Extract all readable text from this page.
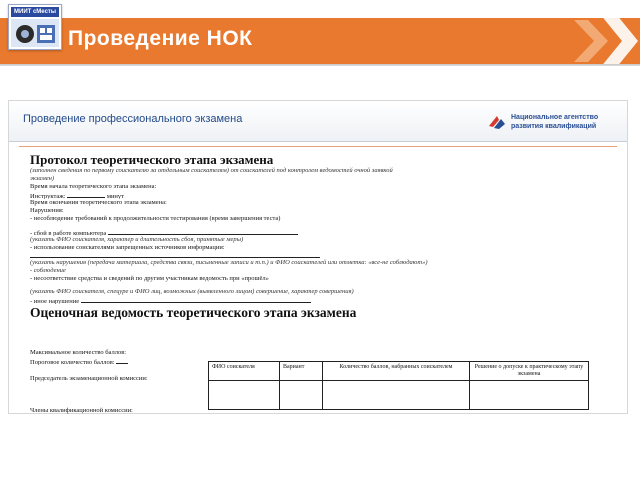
Проведение НОК
МИИТ сМесты
Проведение профессионального экзамена	Национальное агентство
развития квалификаций
Протокол теоретического этапа экзамена
(заполнен сведения по первому соискателю за отдельным соискателям) от соискателей под контролем ведомостей очной заявкой
экзамен)
Время начала теоретического этапа экзамена:
Инструктаж:	минут
Время окончания теоретического этапа экзамена:
Нарушения:
- несоблюдение требований к продолжительности тестирования (время завершения теста)
- сбой в работе компьютера
(указать ФИО соискателя, характер и длительность сбоя, принятые меры)
- использование соискателями запрещенных источников информации:
(указать нарушения (передача материала, средства связи, письменные записи и т.п.) и ФИО соискателей или отметка: «все-не соблюдают»)
- соблюдение
- несоответствие средства и сведений по другим участникам ведомость при «прошёл»
(указать ФИО соискателя, спецуре и ФИО лиц, возможных (выявленного лицом) совершение, характер совершения)
- иное нарушение
Оценочная ведомость теоретического этапа экзамена
Максимальное количество баллов:
Пороговое количество баллов:
Председатель экзаменационной комиссии:
Члены квалификационной комиссии:
ФИО соискателя	Вариант	Количество баллов, набранных соискателем	Решение о допуске к практическому этапу экзамена
